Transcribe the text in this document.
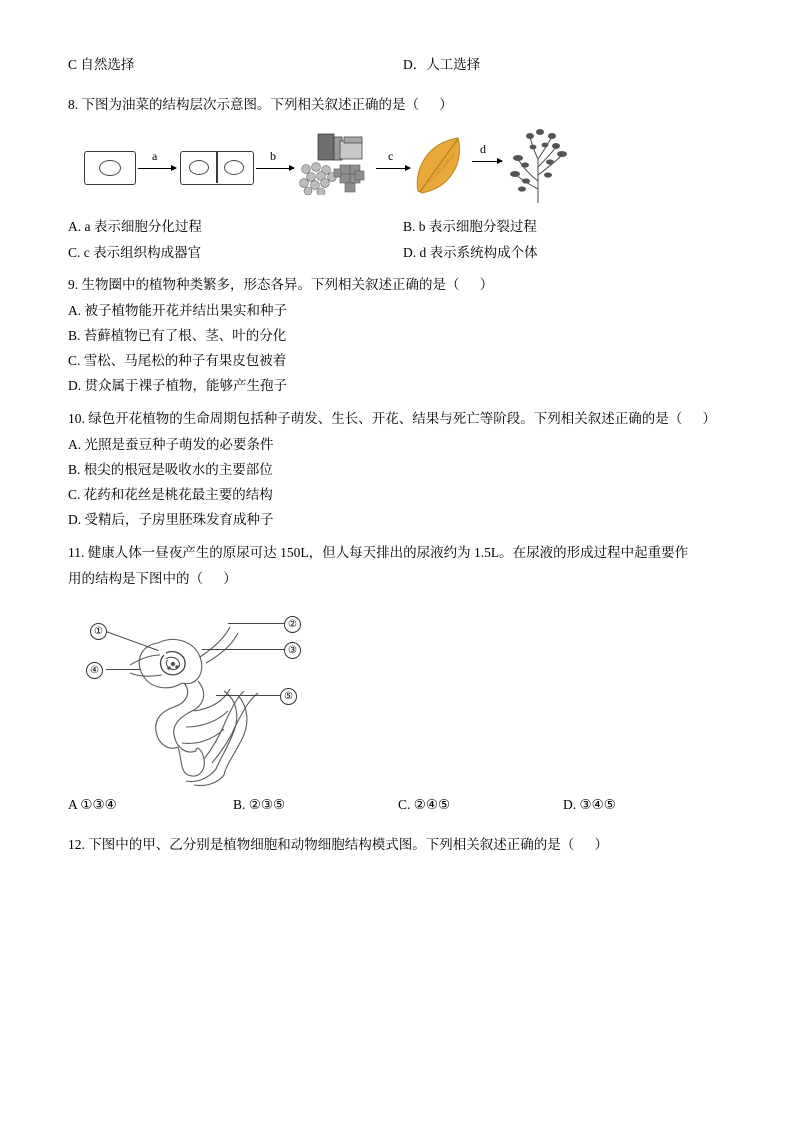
C 自然选择	D．人工选择
8. 下图为油菜的结构层次示意图。下列相关叙述正确的是（      ）
a	b	c	d
A. a 表示细胞分化过程	B. b 表示细胞分裂过程
C. c 表示组织构成器官	D. d 表示系统构成个体
9. 生物圈中的植物种类繁多，形态各异。下列相关叙述正确的是（      ）
A. 被子植物能开花并结出果实和种子
B. 苔藓植物已有了根、茎、叶的分化
C. 雪松、马尾松的种子有果皮包被着
D. 贯众属于裸子植物，能够产生孢子
10. 绿色开花植物的生命周期包括种子萌发、生长、开花、结果与死亡等阶段。下列相关叙述正确的是（      ）
A. 光照是蚕豆种子萌发的必要条件
B. 根尖的根冠是吸收水的主要部位
C. 花药和花丝是桃花最主要的结构
D. 受精后，子房里胚珠发育成种子
11. 健康人体一昼夜产生的原尿可达 150L，但人每天排出的尿液约为 1.5L。在尿液的形成过程中起重要作
用的结构是下图中的（      ）
①
②
③
④
⑤
A ①③④	B. ②③⑤	C. ②④⑤	D. ③④⑤
12. 下图中的甲、乙分别是植物细胞和动物细胞结构模式图。下列相关叙述正确的是（      ）
